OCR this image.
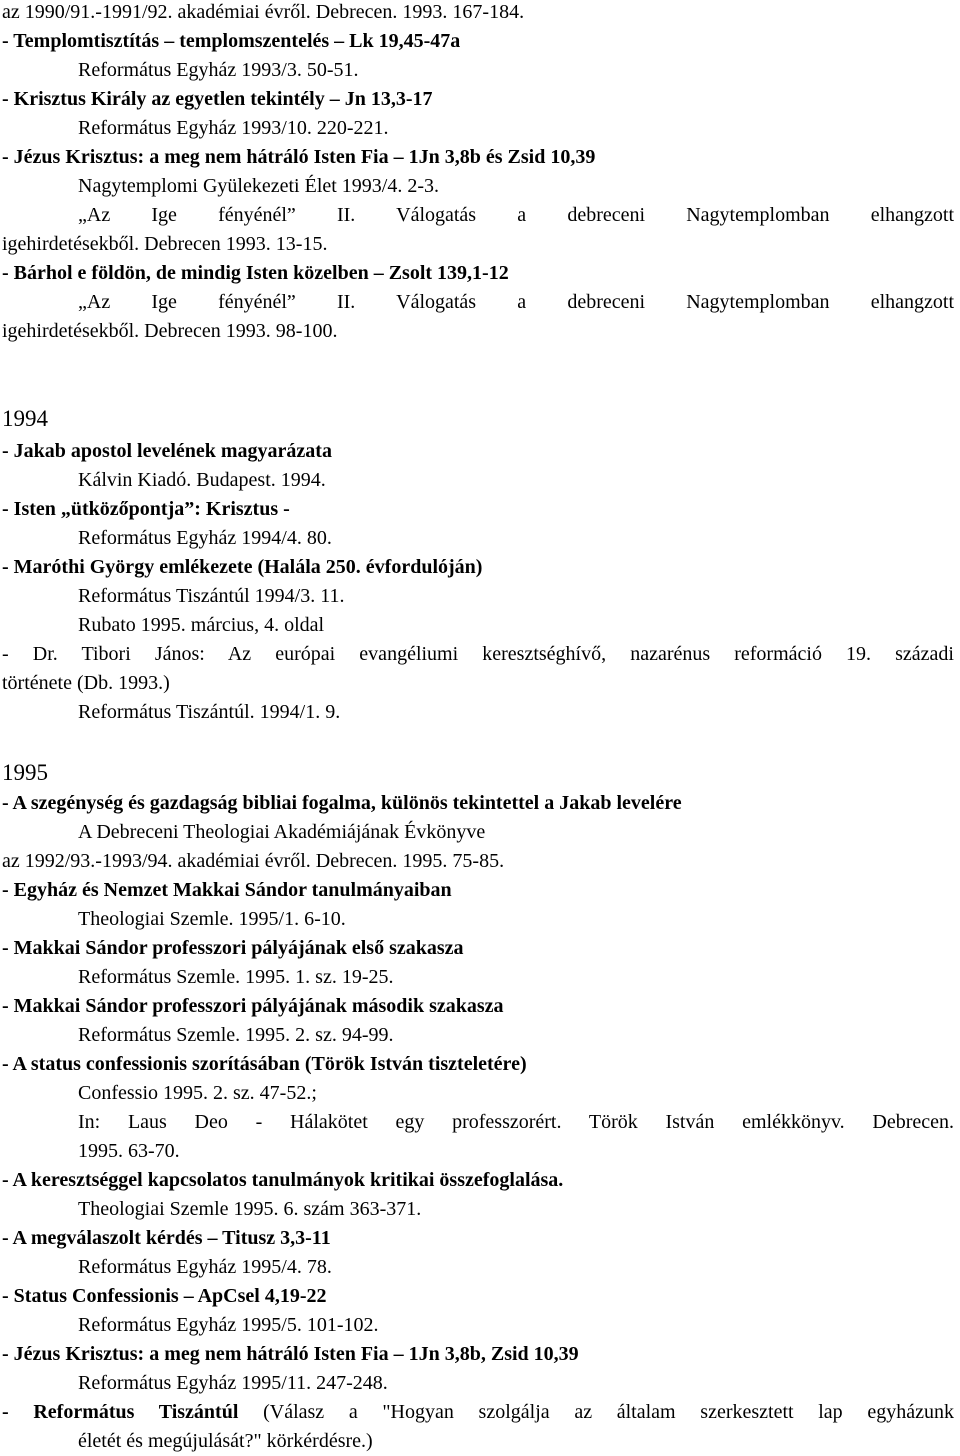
az 1990/91.-1991/92. akadémiai évről. Debrecen. 1993. 167-184.
- Templomtisztítás – templomszentelés – Lk 19,45-47a
Református Egyház 1993/3. 50-51.
- Krisztus Király az egyetlen tekintély – Jn 13,3-17
Református Egyház 1993/10. 220-221.
- Jézus Krisztus: a meg nem hátráló Isten Fia – 1Jn 3,8b és Zsid 10,39
Nagytemplomi Gyülekezeti Élet 1993/4. 2-3.
„Az Ige fényénél” II. Válogatás a debreceni Nagytemplomban elhangzott
igehirdetésekből. Debrecen 1993. 13-15.
- Bárhol e földön, de mindig Isten közelben – Zsolt 139,1-12
„Az Ige fényénél” II. Válogatás a debreceni Nagytemplomban elhangzott
igehirdetésekből. Debrecen 1993. 98-100.
1994
- Jakab apostol levelének magyarázata
Kálvin Kiadó. Budapest. 1994.
- Isten „ütközőpontja”: Krisztus -
Református Egyház 1994/4. 80.
- Maróthi György emlékezete (Halála 250. évfordulóján)
Református Tiszántúl 1994/3. 11.
Rubato 1995. március, 4. oldal
- Dr. Tibori János: Az európai evangéliumi keresztséghívő, nazarénus reformáció 19. századi
története (Db. 1993.)
Református Tiszántúl. 1994/1. 9.
1995
- A szegénység és gazdagság bibliai fogalma, különös tekintettel a Jakab levelére
A Debreceni Theologiai Akadémiájának Évkönyve
az 1992/93.-1993/94. akadémiai évről. Debrecen. 1995. 75-85.
- Egyház és Nemzet Makkai Sándor tanulmányaiban
Theologiai Szemle. 1995/1. 6-10.
- Makkai Sándor professzori pályájának első szakasza
Református Szemle. 1995. 1. sz. 19-25.
- Makkai Sándor professzori pályájának második szakasza
Református Szemle. 1995. 2. sz. 94-99.
- A status confessionis szorításában (Török István tiszteletére)
Confessio 1995. 2. sz. 47-52.;
In: Laus Deo - Hálakötet egy professzorért. Török István emlékkönyv. Debrecen.
1995. 63-70.
- A keresztséggel kapcsolatos tanulmányok kritikai összefoglalása.
Theologiai Szemle 1995. 6. szám 363-371.
- A megválaszolt kérdés – Titusz 3,3-11
Református Egyház 1995/4. 78.
- Status Confessionis – ApCsel 4,19-22
Református Egyház 1995/5. 101-102.
- Jézus Krisztus: a meg nem hátráló Isten Fia – 1Jn 3,8b, Zsid 10,39
Református Egyház 1995/11. 247-248.
- Református Tiszántúl (Válasz a "Hogyan szolgálja az általam szerkesztett lap egyházunk
életét és megújulását?" körkérdésre.)
